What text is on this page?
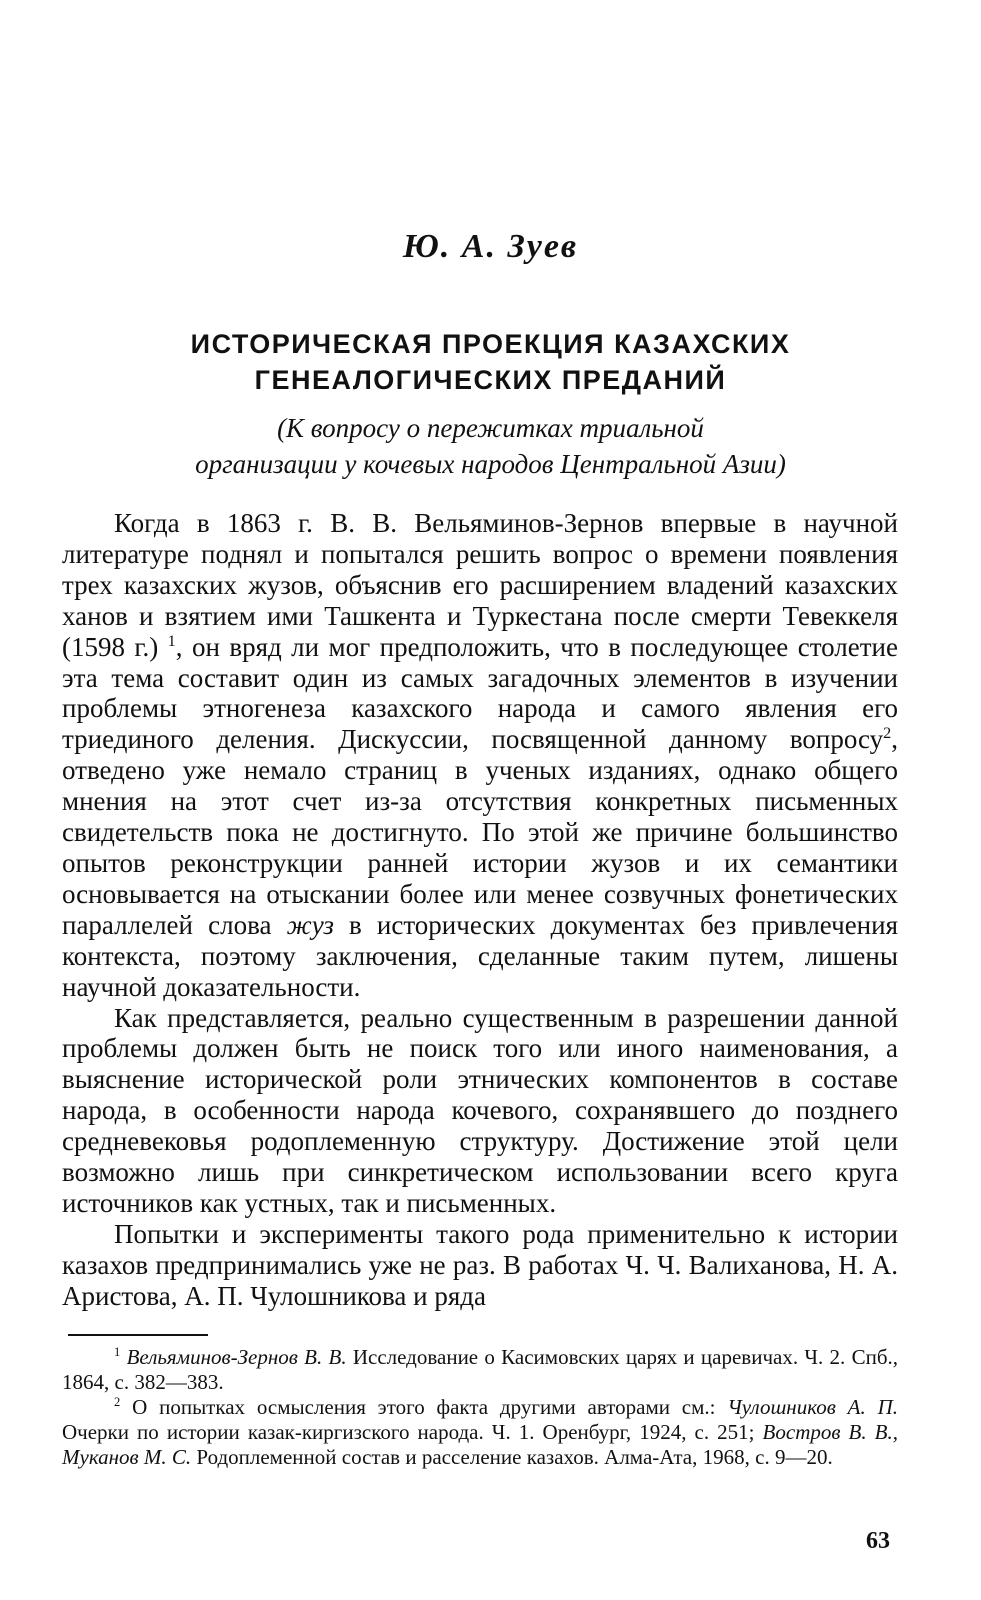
Ю. А. Зуев
ИСТОРИЧЕСКАЯ ПРОЕКЦИЯ КАЗАХСКИХ
ГЕНЕАЛОГИЧЕСКИХ ПРЕДАНИЙ
(К вопросу о пережитках триальной
организации у кочевых народов Центральной Азии)

Когда в 1863 г. В. В. Вельяминов-Зернов впервые в научной литературе поднял и попытался решить вопрос о времени появления трех казахских жузов, объяснив его расширением владений казахских ханов и взятием ими Ташкента и Туркестана после смерти Тевеккеля (1598 г.) $^1$, он вряд ли мог предположить, что в последующее столетие эта тема составит один из самых загадочных элементов в изучении проблемы этногенеза казахского народа и самого явления его триединого деления. Дискуссии, посвященной данному вопросу$^2$, отведено уже немало страниц в ученых изданиях, однако общего мнения на этот счет из-за отсутствия конкретных письменных свидетельств пока не достигнуто. По этой же причине большинство опытов реконструкции ранней истории жузов и их семантики основывается на отыскании более или менее созвучных фонетических параллелей слова жуз в исторических документах без привлечения контекста, поэтому заключения, сделанные таким путем, лишены научной доказательности.

Как представляется, реально существенным в разрешении данной проблемы должен быть не поиск того или иного наименования, а выяснение исторической роли этнических компонентов в составе народа, в особенности народа кочевого, сохранявшего до позднего средневековья родоплеменную структуру. Достижение этой цели возможно лишь при синкретическом использовании всего круга источников как устных, так и письменных.

Попытки и эксперименты такого рода применительно к истории казахов предпринимались уже не раз. В работах Ч. Ч. Валиханова, Н. А. Аристова, А. П. Чулошникова и ряда

$^1$ Вельяминов-Зернов В. В. Исследование о Касимовских царях и царевичах. Ч. 2. Спб., 1864, с. 382—383.

$^2$ О попытках осмысления этого факта другими авторами см.: Чулошников А. П. Очерки по истории казак-киргизского народа. Ч. 1. Оренбург, 1924, с. 251; Востров В. В., Муканов М. С. Родоплеменной состав и расселение казахов. Алма-Ата, 1968, с. 9—20.

63
